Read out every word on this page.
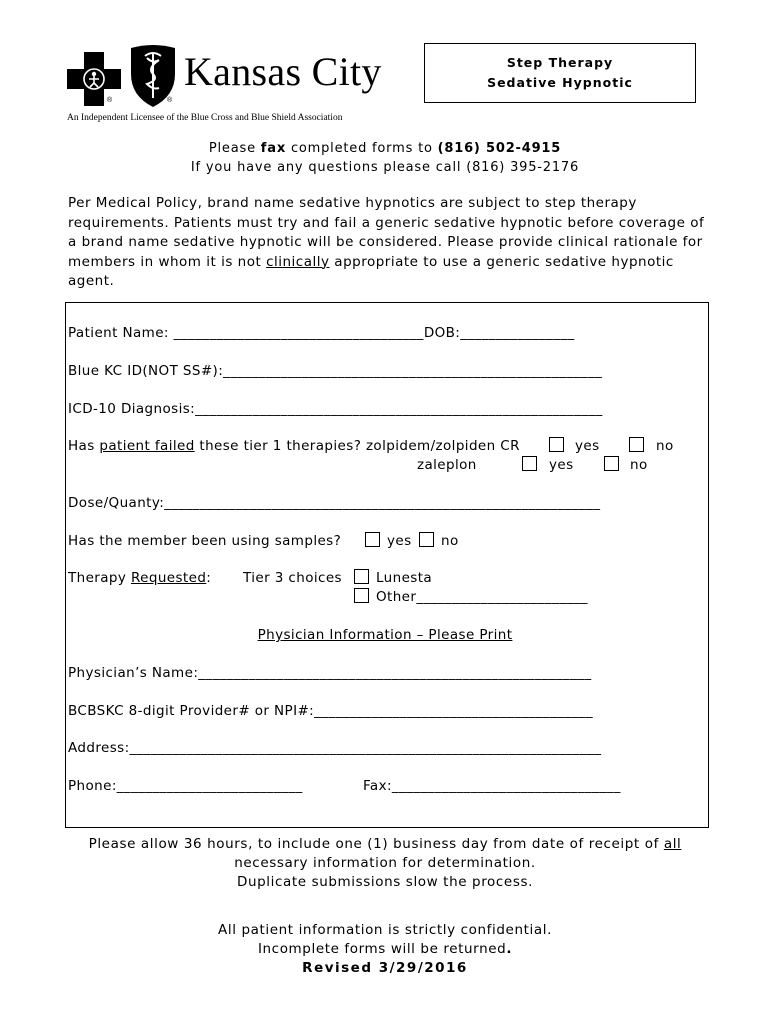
®	®
Kansas City
An Independent Licensee of the Blue Cross and Blue Shield Association
Step Therapy
Sedative Hypnotic
Please fax completed forms to (816) 502-4915
If you have any questions please call (816) 395-2176
Per Medical Policy, brand name sedative hypnotics are subject to step therapy requirements. Patients must try and fail a generic sedative hypnotic before coverage of a brand name sedative hypnotic will be considered. Please provide clinical rationale for members in whom it is not clinically appropriate to use a generic sedative hypnotic agent.
Patient Name: ___________________________________DOB:________________
Blue KC ID(NOT SS#):_____________________________________________________
ICD-10 Diagnosis:_________________________________________________________
Has patient failed these tier 1 therapies? zolpidem/zolpiden CR	yes	no
zaleplon	yes	no
Dose/Quanty:_____________________________________________________________
Has the member been using samples?	yes no
Therapy Requested: Tier 3 choices	Lunesta
Other________________________
Physician Information – Please Print
Physician’s Name:_______________________________________________________
BCBSKC 8-digit Provider# or NPI#:_______________________________________
Address:__________________________________________________________________
Phone:__________________________	Fax:________________________________
Please allow 36 hours, to include one (1) business day from date of receipt of all
necessary information for determination.
Duplicate submissions slow the process.
All patient information is strictly confidential.
Incomplete forms will be returned.
Revised 3/29/2016
